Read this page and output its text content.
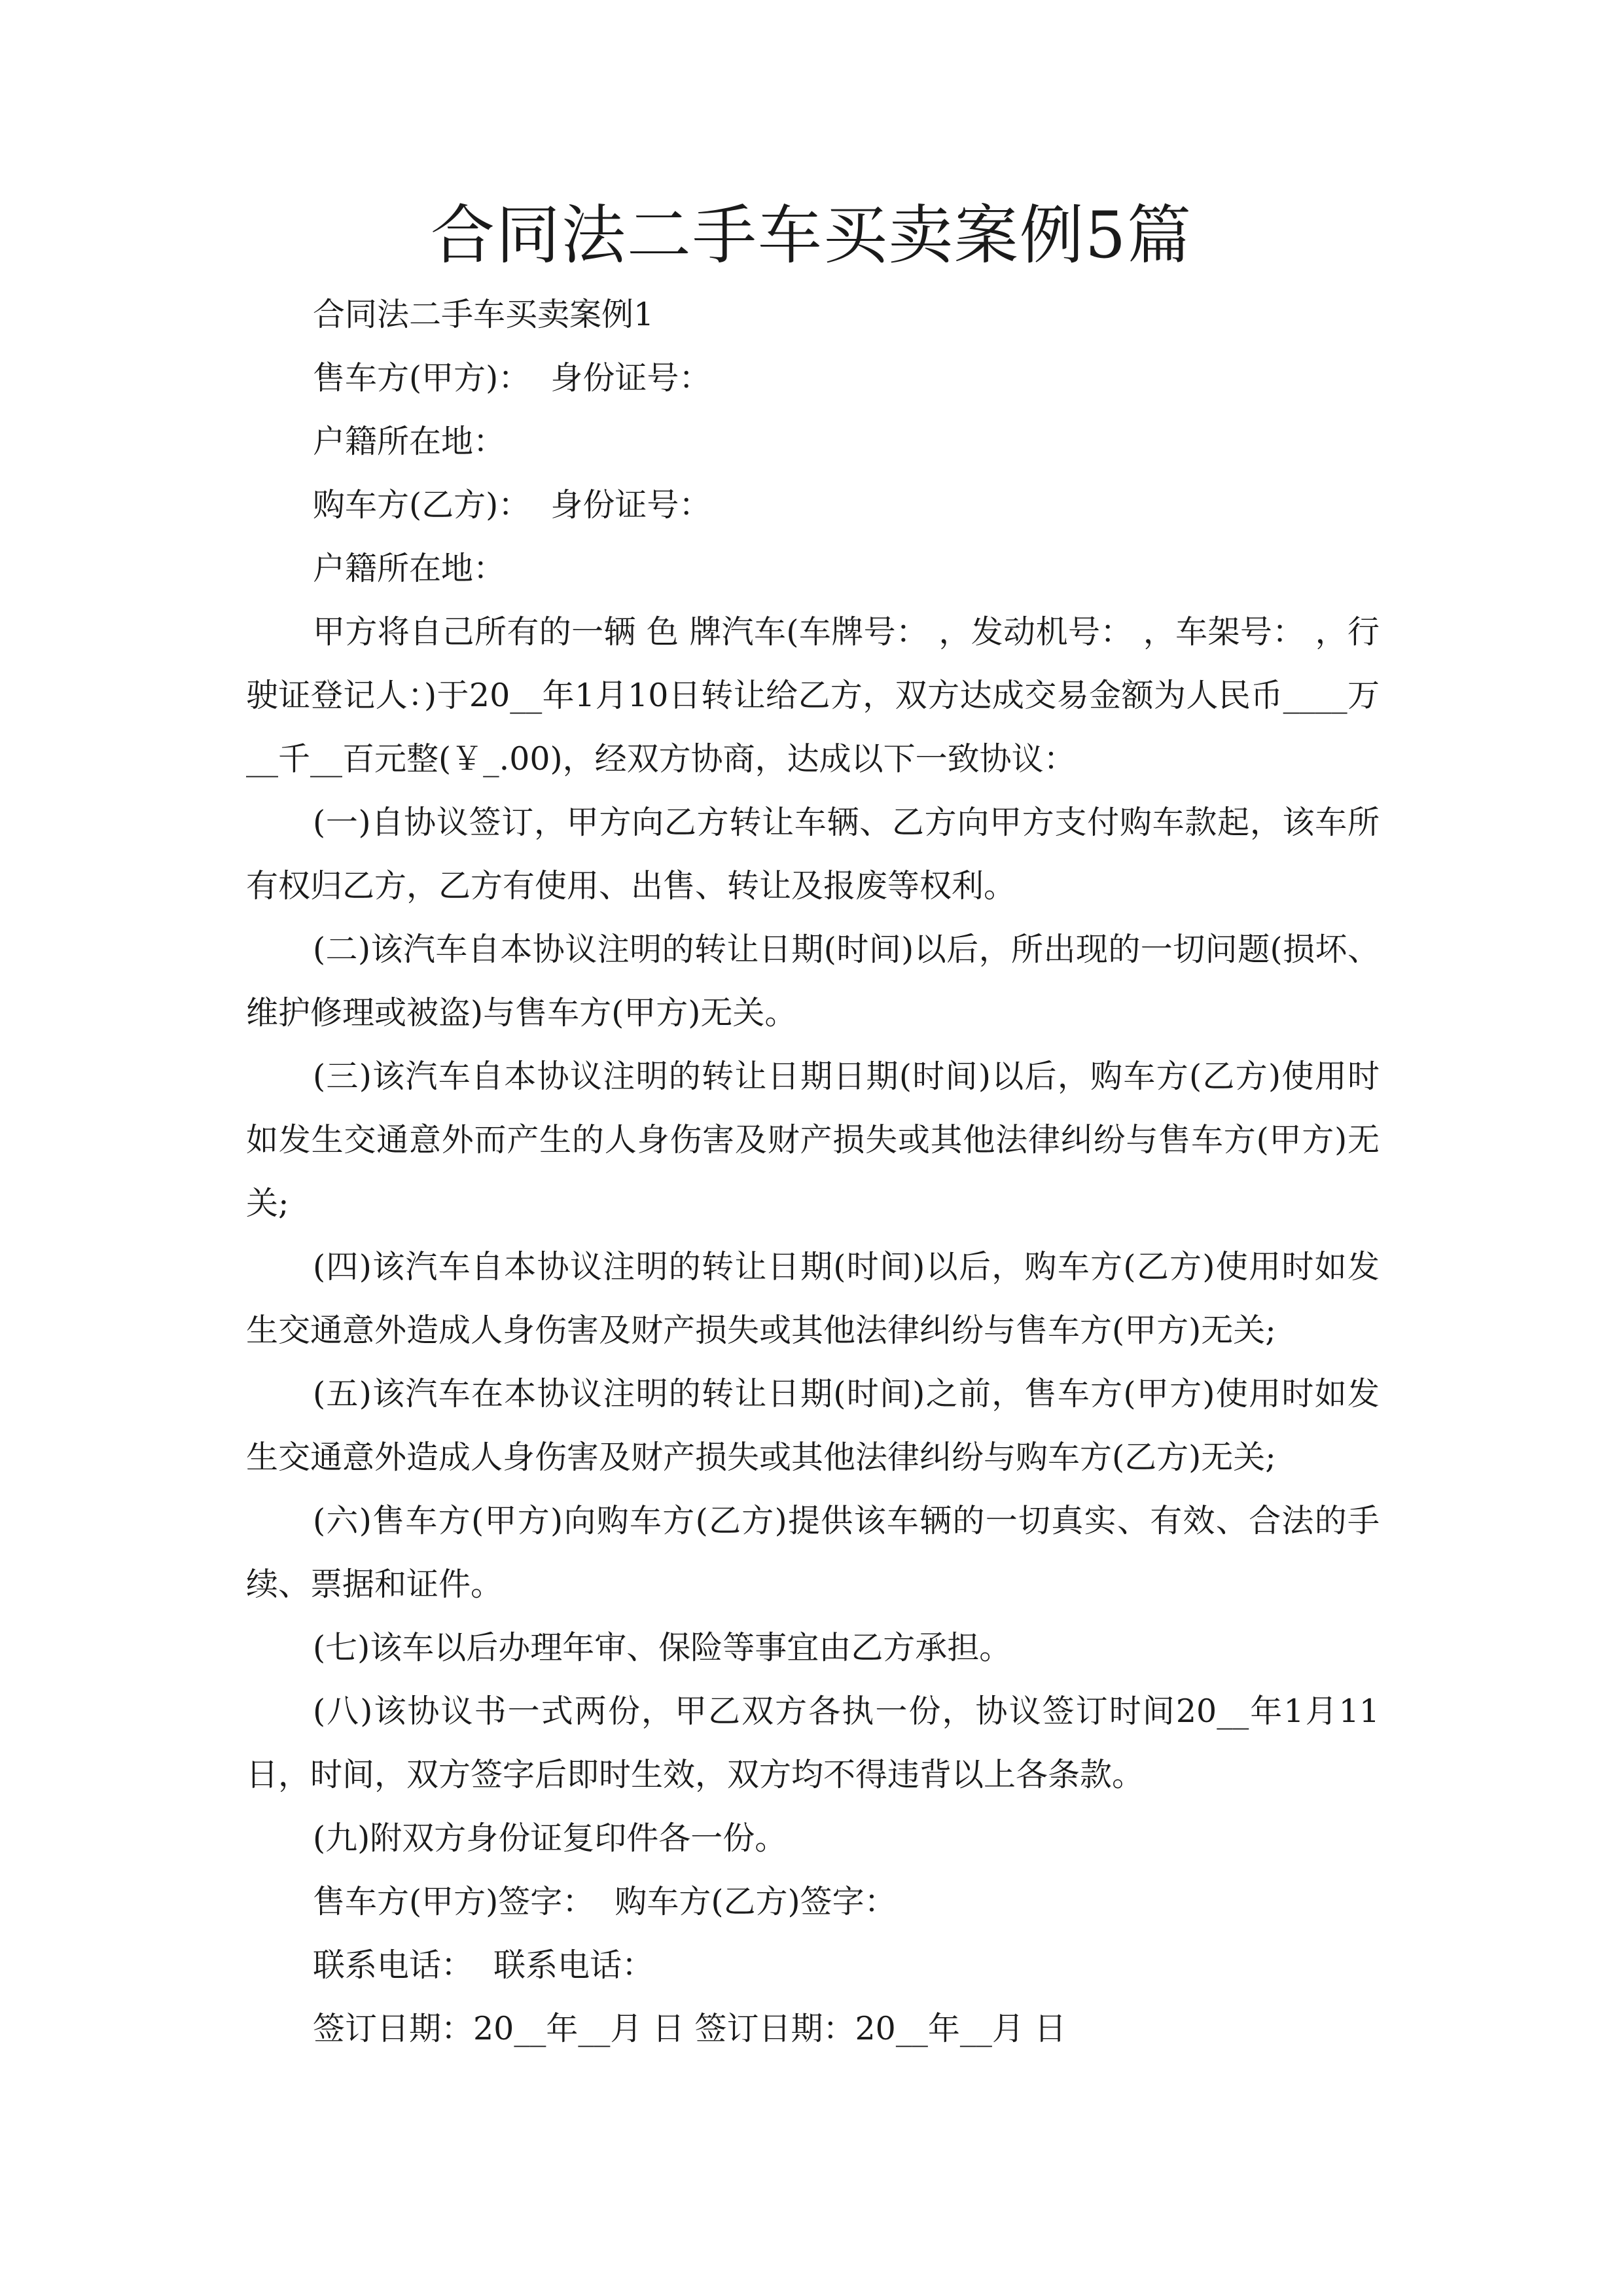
合同法二手车买卖案例5篇

合同法二手车买卖案例1

售车方(甲方)：  身份证号：

户籍所在地：

购车方(乙方)：  身份证号：

户籍所在地：

甲方将自己所有的一辆 色 牌汽车(车牌号： ，发动机号： ，车架号： ，行驶证登记人：)于20__年1月10日转让给乙方，双方达成交易金额为人民币____万__千__百元整(￥_.00)，经双方协商，达成以下一致协议：

(一)自协议签订，甲方向乙方转让车辆、乙方向甲方支付购车款起，该车所有权归乙方，乙方有使用、出售、转让及报废等权利。

(二)该汽车自本协议注明的转让日期(时间)以后，所出现的一切问题(损坏、维护修理或被盗)与售车方(甲方)无关。

(三)该汽车自本协议注明的转让日期日期(时间)以后，购车方(乙方)使用时如发生交通意外而产生的人身伤害及财产损失或其他法律纠纷与售车方(甲方)无关;

(四)该汽车自本协议注明的转让日期(时间)以后，购车方(乙方)使用时如发生交通意外造成人身伤害及财产损失或其他法律纠纷与售车方(甲方)无关;

(五)该汽车在本协议注明的转让日期(时间)之前，售车方(甲方)使用时如发生交通意外造成人身伤害及财产损失或其他法律纠纷与购车方(乙方)无关;

(六)售车方(甲方)向购车方(乙方)提供该车辆的一切真实、有效、合法的手续、票据和证件。

(七)该车以后办理年审、保险等事宜由乙方承担。

(八)该协议书一式两份，甲乙双方各执一份，协议签订时间20__年1月11日，时间，双方签字后即时生效，双方均不得违背以上各条款。

(九)附双方身份证复印件各一份。

售车方(甲方)签字：  购车方(乙方)签字：

联系电话：  联系电话：

签订日期：20__年__月 日 签订日期：20__年__月 日
